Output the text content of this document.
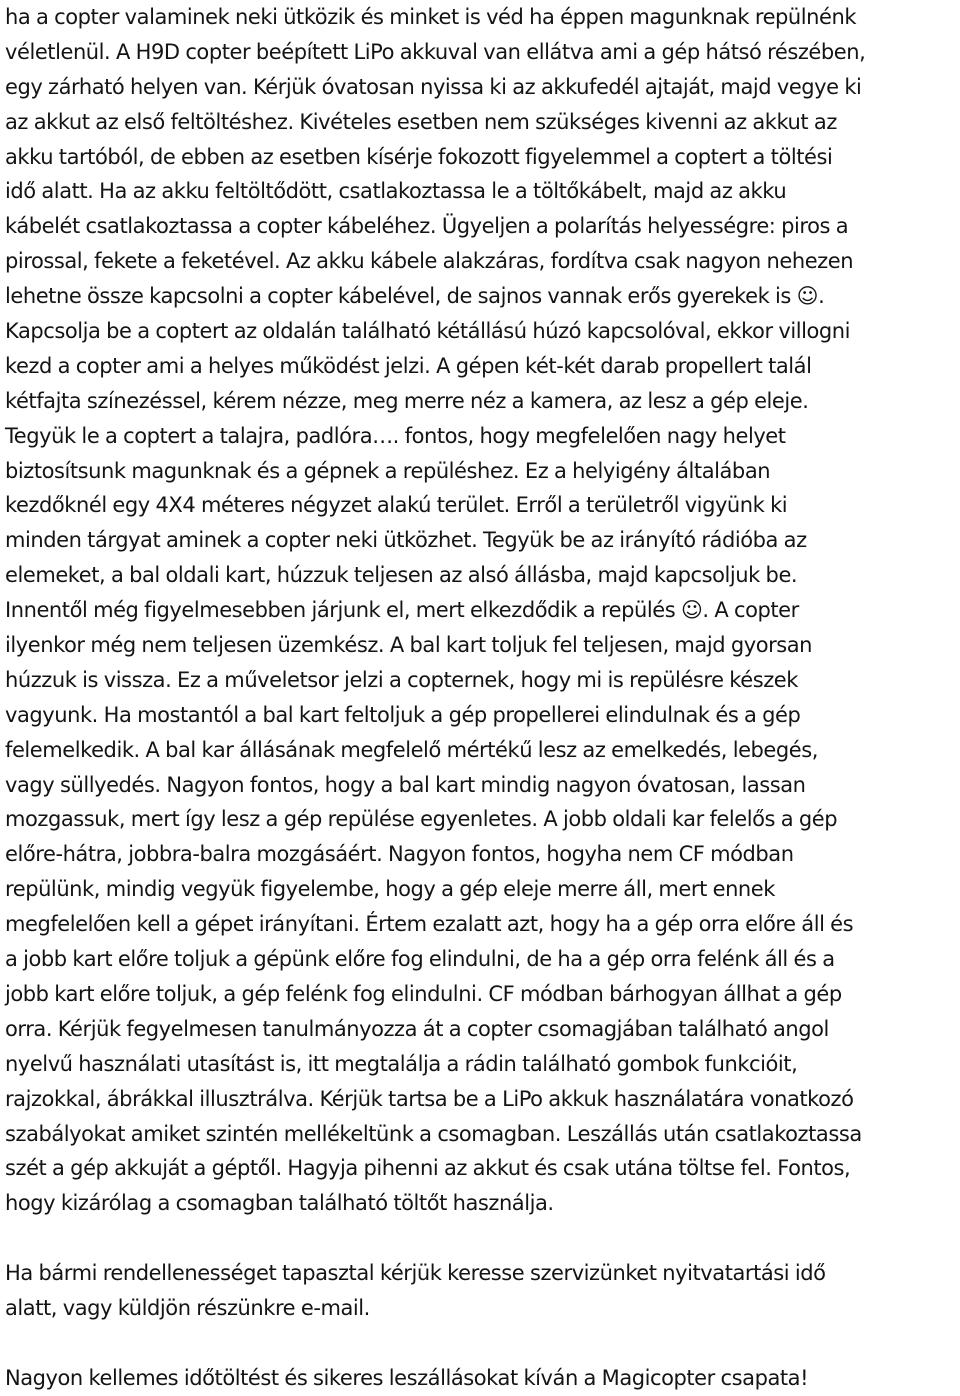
ha a copter valaminek neki ütközik és minket is véd ha éppen magunknak repülnénk
véletlenül. A H9D copter beépített LiPo akkuval van ellátva ami a gép hátsó részében,
egy zárható helyen van. Kérjük óvatosan nyissa ki az akkufedél ajtaját, majd vegye ki
az akkut az első feltöltéshez. Kivételes esetben nem szükséges kivenni az akkut az
akku tartóból, de ebben az esetben kísérje fokozott figyelemmel a coptert a töltési
idő alatt. Ha az akku feltöltődött, csatlakoztassa le a töltőkábelt, majd az akku
kábelét csatlakoztassa a copter kábeléhez. Ügyeljen a polarítás helyességre: piros a
pirossal, fekete a feketével. Az akku kábele alakzáras, fordítva csak nagyon nehezen
lehetne össze kapcsolni a copter kábelével, de sajnos vannak erős gyerekek is ☺.
Kapcsolja be a coptert az oldalán található kétállású húzó kapcsolóval, ekkor villogni
kezd a copter ami a helyes működést jelzi. A gépen két-két darab propellert talál
kétfajta színezéssel, kérem nézze, meg merre néz a kamera, az lesz a gép eleje.
Tegyük le a coptert a talajra, padlóra…. fontos, hogy megfelelően nagy helyet
biztosítsunk magunknak és a gépnek a repüléshez. Ez a helyigény általában
kezdőknél egy 4X4 méteres négyzet alakú terület. Erről a területről vigyünk ki
minden tárgyat aminek a copter neki ütközhet. Tegyük be az irányító rádióba az
elemeket, a bal oldali kart, húzzuk teljesen az alsó állásba, majd kapcsoljuk be.
Innentől még figyelmesebben járjunk el, mert elkezdődik a repülés ☺. A copter
ilyenkor még nem teljesen üzemkész. A bal kart toljuk fel teljesen, majd gyorsan
húzzuk is vissza. Ez a műveletsor jelzi a copternek, hogy mi is repülésre készek
vagyunk. Ha mostantól a bal kart feltoljuk a gép propellerei elindulnak és a gép
felemelkedik. A bal kar állásának megfelelő mértékű lesz az emelkedés, lebegés,
vagy süllyedés. Nagyon fontos, hogy a bal kart mindig nagyon óvatosan, lassan
mozgassuk, mert így lesz a gép repülése egyenletes. A jobb oldali kar felelős a gép
előre-hátra, jobbra-balra mozgásáért. Nagyon fontos, hogyha nem CF módban
repülünk, mindig vegyük figyelembe, hogy a gép eleje merre áll, mert ennek
megfelelően kell a gépet irányítani. Értem ezalatt azt, hogy ha a gép orra előre áll és
a jobb kart előre toljuk a gépünk előre fog elindulni, de ha a gép orra felénk áll és a
jobb kart előre toljuk, a gép felénk fog elindulni. CF módban bárhogyan állhat a gép
orra. Kérjük fegyelmesen tanulmányozza át a copter csomagjában található angol
nyelvű használati utasítást is, itt megtalálja a rádin található gombok funkcióit,
rajzokkal, ábrákkal illusztrálva. Kérjük tartsa be a LiPo akkuk használatára vonatkozó
szabályokat amiket szintén mellékeltünk a csomagban. Leszállás után csatlakoztassa
szét a gép akkuját a géptől. Hagyja pihenni az akkut és csak utána töltse fel. Fontos,
hogy kizárólag a csomagban található töltőt használja.
Ha bármi rendellenességet tapasztal kérjük keresse szervizünket nyitvatartási idő
alatt, vagy küldjön részünkre e-mail.
Nagyon kellemes időtöltést és sikeres leszállásokat kíván a Magicopter csapata!
